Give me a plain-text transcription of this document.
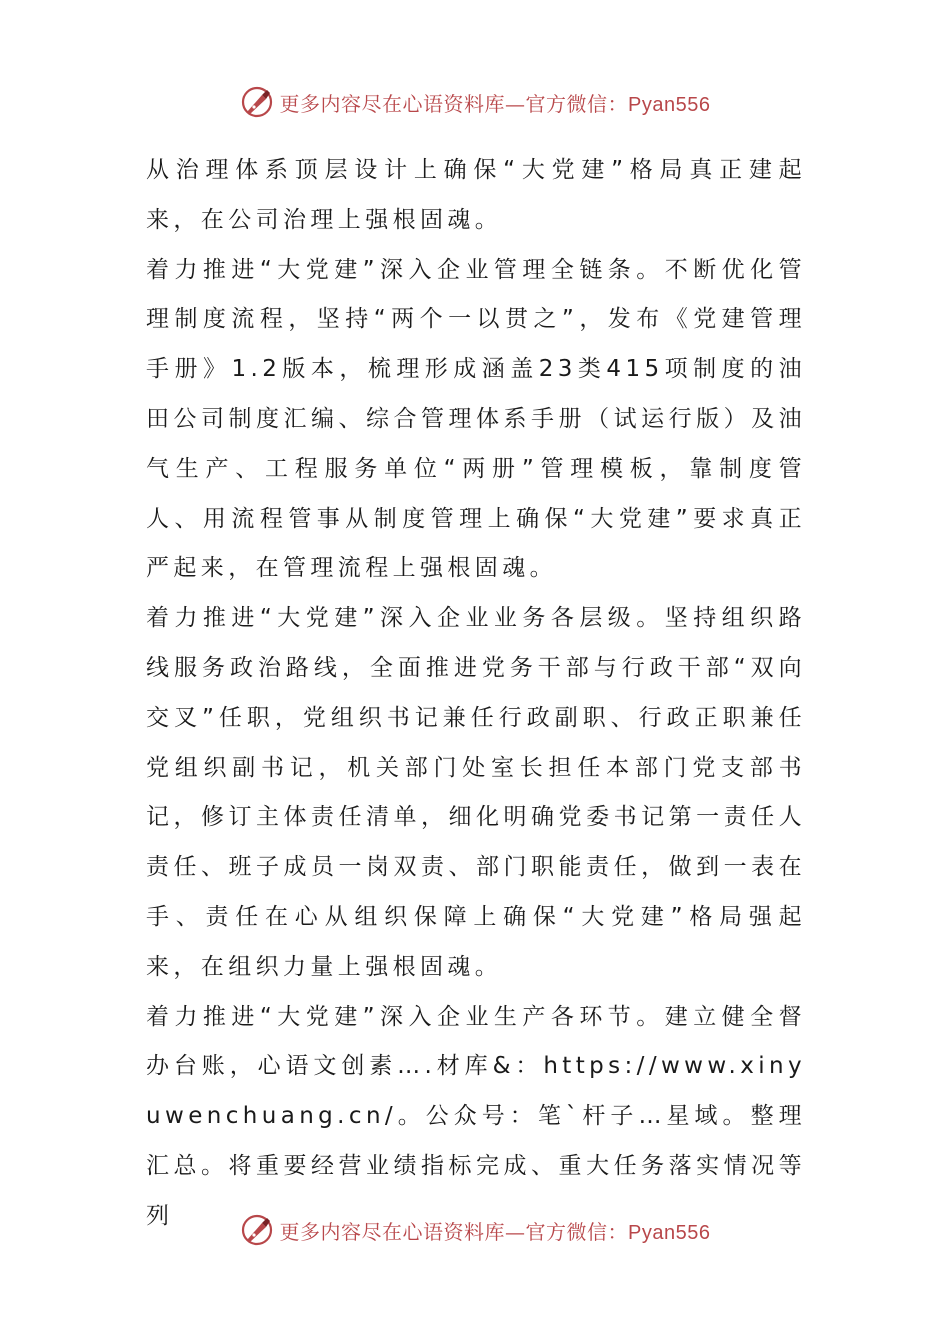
更多内容尽在心语资料库—官方微信：Pyan556

从治理体系顶层设计上确保“大党建”格局真正建起来，在公司治理上强根固魂。

着力推进“大党建”深入企业管理全链条。不断优化管理制度流程，坚持“两个一以贯之”，发布《党建管理手册》1.2版本，梳理形成涵盖23类415项制度的油田公司制度汇编、综合管理体系手册（试运行版）及油气生产、工程服务单位“两册”管理模板，靠制度管人、用流程管事从制度管理上确保“大党建”要求真正严起来，在管理流程上强根固魂。

着力推进“大党建”深入企业业务各层级。坚持组织路线服务政治路线，全面推进党务干部与行政干部“双向交叉”任职，党组织书记兼任行政副职、行政正职兼任党组织副书记，机关部门处室长担任本部门党支部书记，修订主体责任清单，细化明确党委书记第一责任人责任、班子成员一岗双责、部门职能责任，做到一表在手、责任在心从组织保障上确保“大党建”格局强起来，在组织力量上强根固魂。

着力推进“大党建”深入企业生产各环节。建立健全督办台账，心语文创素….材库&：https://www.xinyuwenchuang.cn/。公众号：笔`杆子…星域。整理汇总。将重要经营业绩指标完成、重大任务落实情况等列

更多内容尽在心语资料库—官方微信：Pyan556
